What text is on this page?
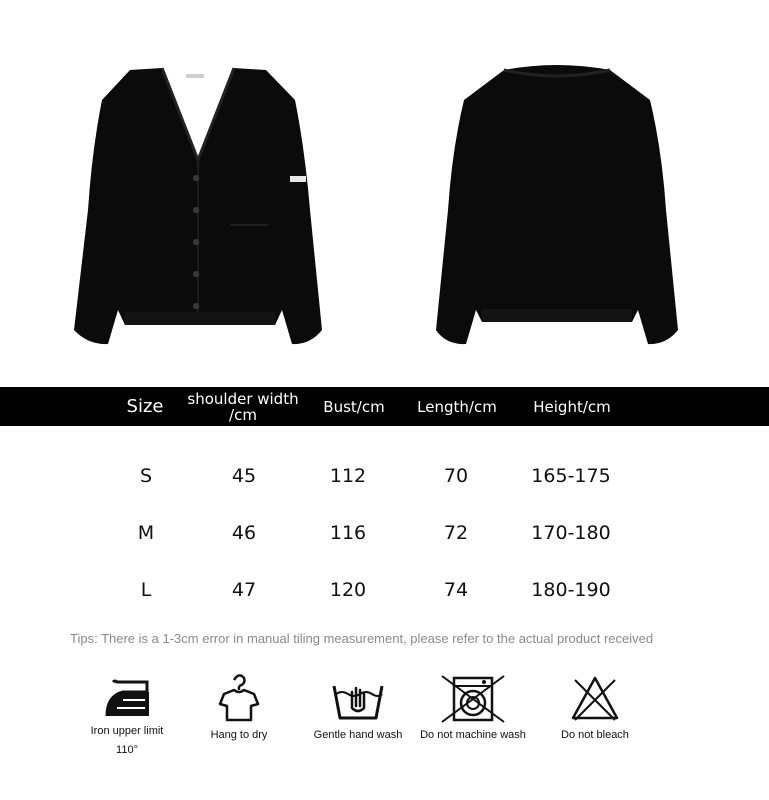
Size	shoulder width /cm	Bust/cm Length/cm Height/cm
S	45	112	70	165-175
M	46	116	72	170-180
L	47	120	74	180-190
Tips: There is a 1-3cm error in manual tiling measurement, please refer to the actual product received
Iron upper limit 110°
Hang to dry	Gentle hand wash	Do not machine wash	Do not bleach
